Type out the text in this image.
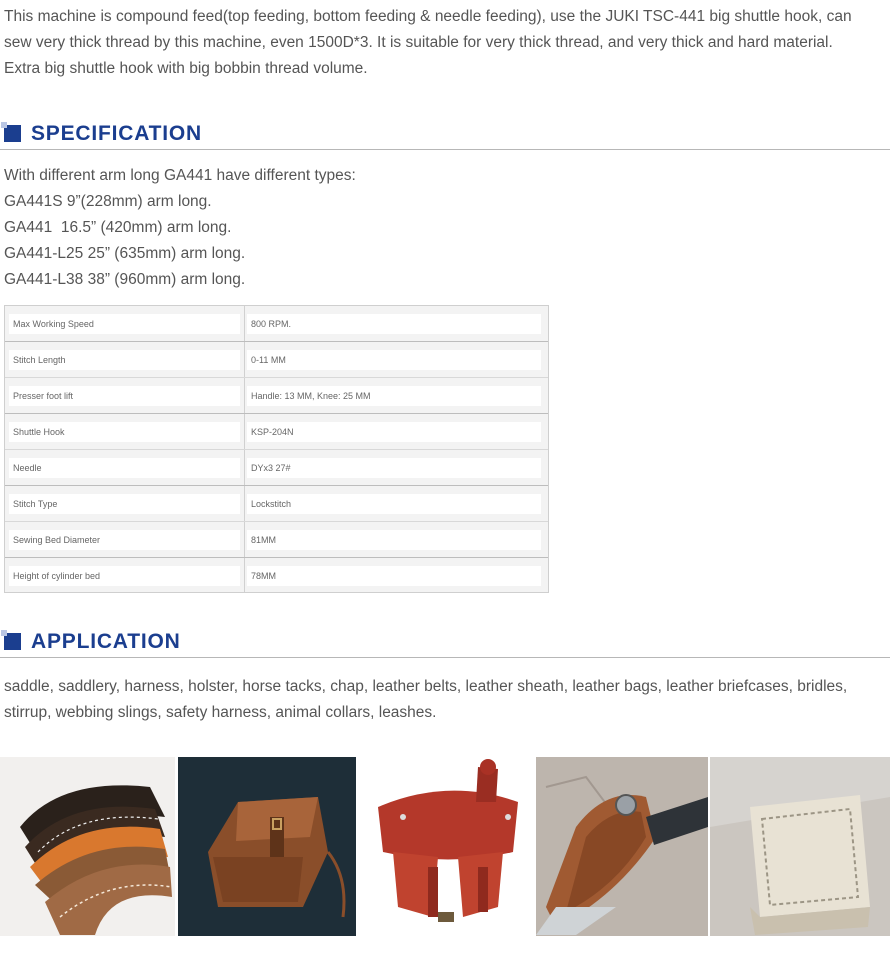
This machine is compound feed(top feeding, bottom feeding & needle feeding), use the JUKI TSC-441 big shuttle hook, can
sew very thick thread by this machine, even 1500D*3. It is suitable for very thick thread, and very thick and hard material.
Extra big shuttle hook with big bobbin thread volume.

SPECIFICATION
With different arm long GA441 have different types:
GA441S 9”(228mm) arm long.
GA441  16.5” (420mm) arm long.
GA441-L25 25” (635mm) arm long.
GA441-L38 38” (960mm) arm long.
Max Working Speed	800 RPM.
Stitch Length	0-11 MM
Presser foot lift	Handle: 13 MM, Knee: 25 MM
Shuttle Hook	KSP-204N
Needle	DYx3 27#
Stitch Type	Lockstitch
Sewing Bed Diameter	81MM
Height of cylinder bed	78MM
APPLICATION

saddle, saddlery, harness, holster, horse tacks, chap, leather belts, leather sheath, leather bags, leather briefcases, bridles,
stirrup, webbing slings, safety harness, animal collars, leashes.
